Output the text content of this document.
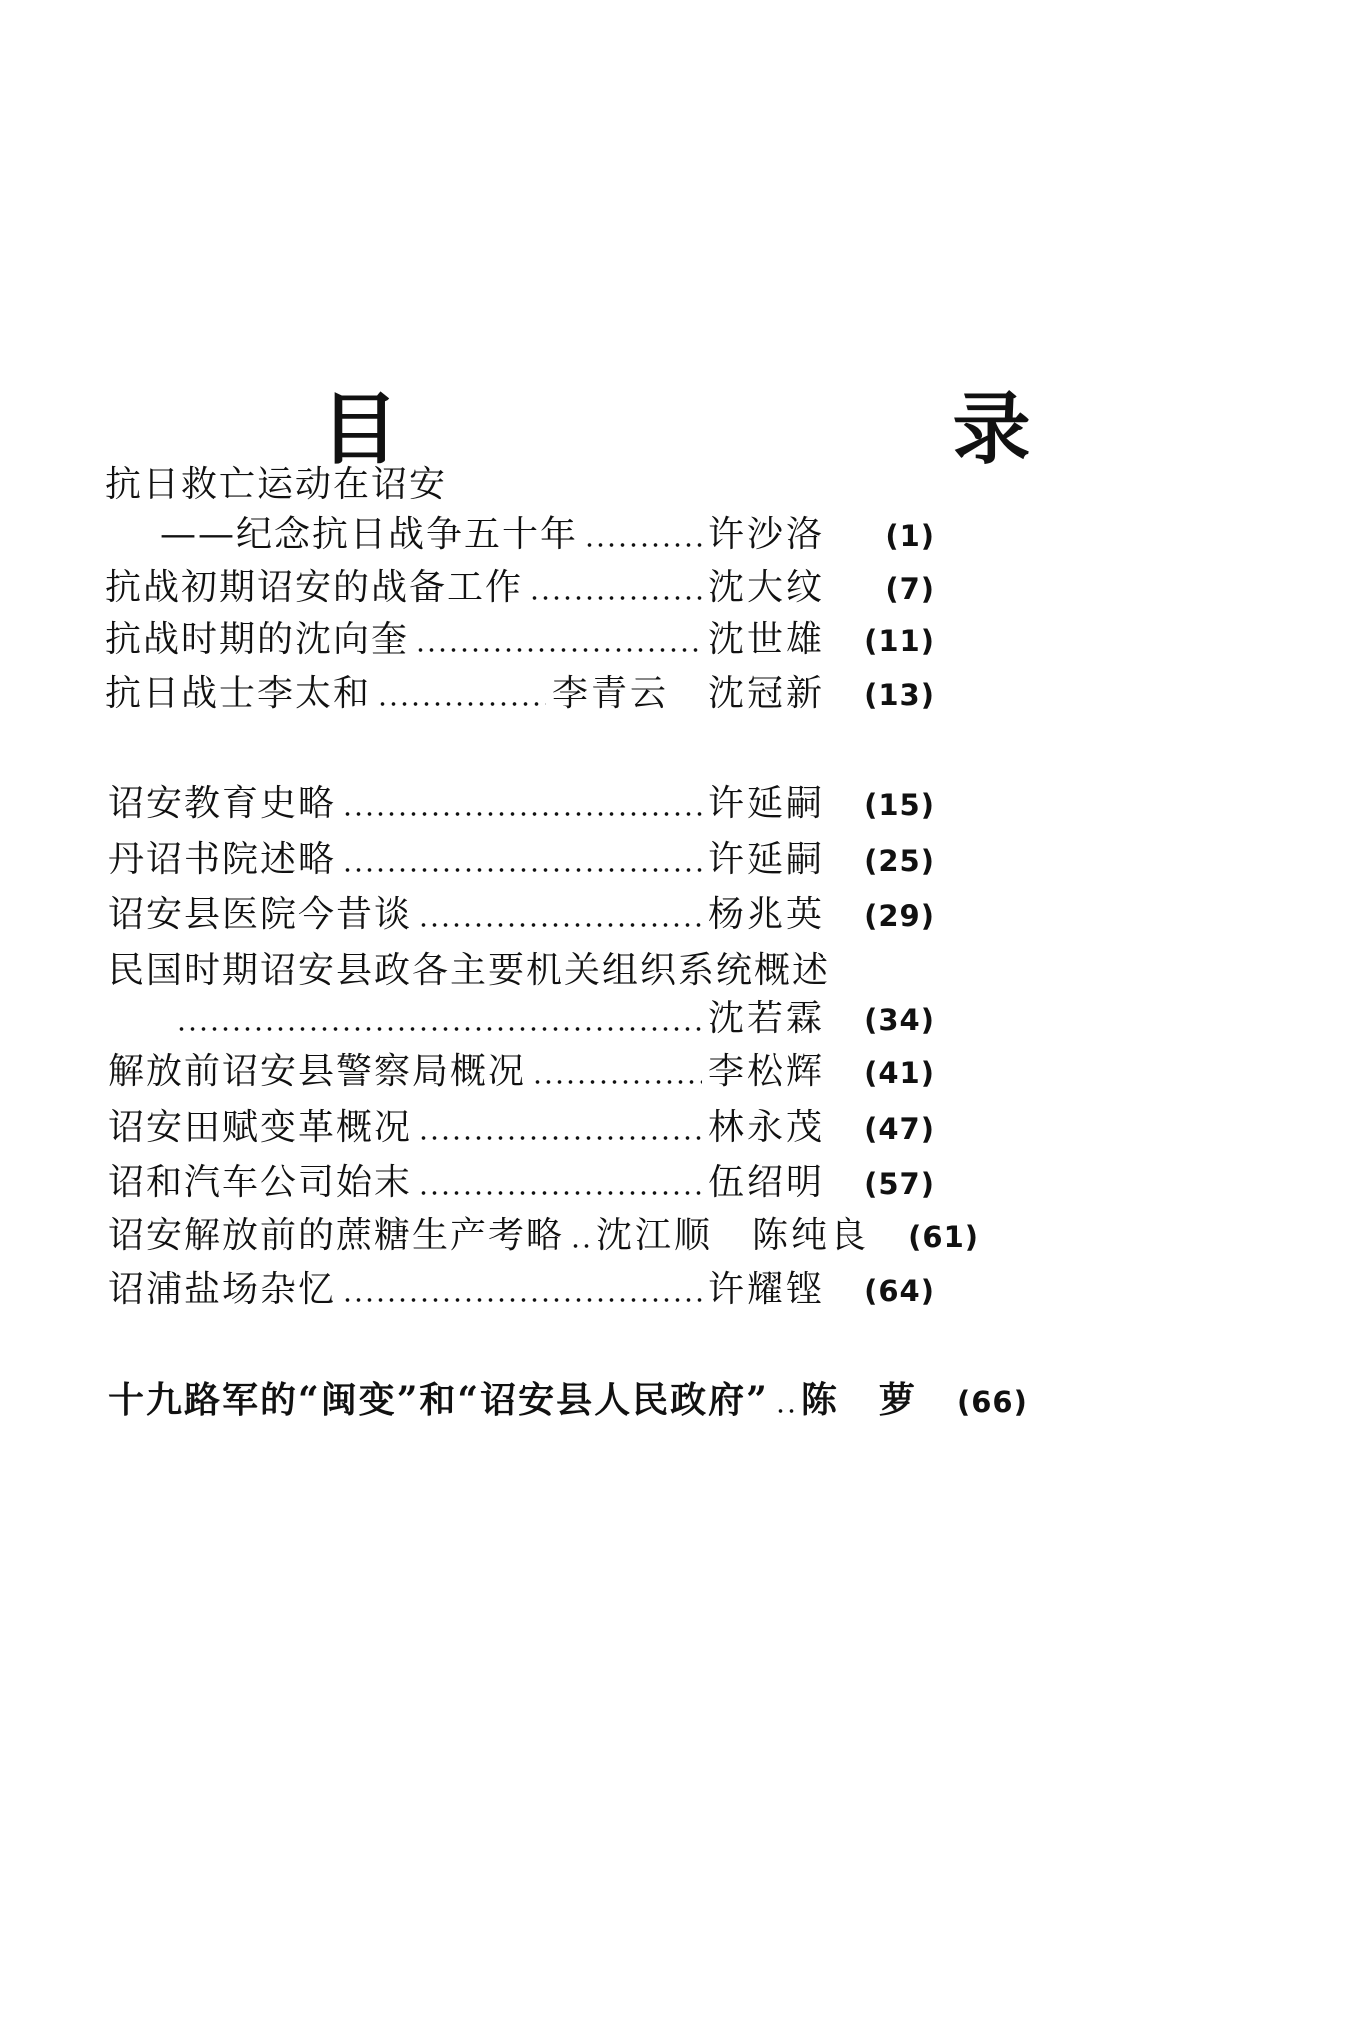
目　录
抗日救亡运动在诏安
——纪念抗日战争五十年	许沙洛	(1)
抗战初期诏安的战备工作	沈大纹	(7)
抗战时期的沈向奎	沈世雄	(11)
抗日战士李太和	李青云　沈冠新	(13)
诏安教育史略	许延嗣	(15)
丹诏书院述略	许延嗣	(25)
诏安县医院今昔谈	杨兆英	(29)
民国时期诏安县政各主要机关组织系统概述
沈若霖	(34)
解放前诏安县警察局概况	李松辉	(41)
诏安田赋变革概况	林永茂	(47)
诏和汽车公司始末	伍绍明	(57)
诏安解放前的蔗糖生产考略 沈江顺　陈纯良	(61)
诏浦盐场杂忆	许耀铿	(64)
十九路军的“闽变”和“诏安县人民政府” 陈　萝	(66)
